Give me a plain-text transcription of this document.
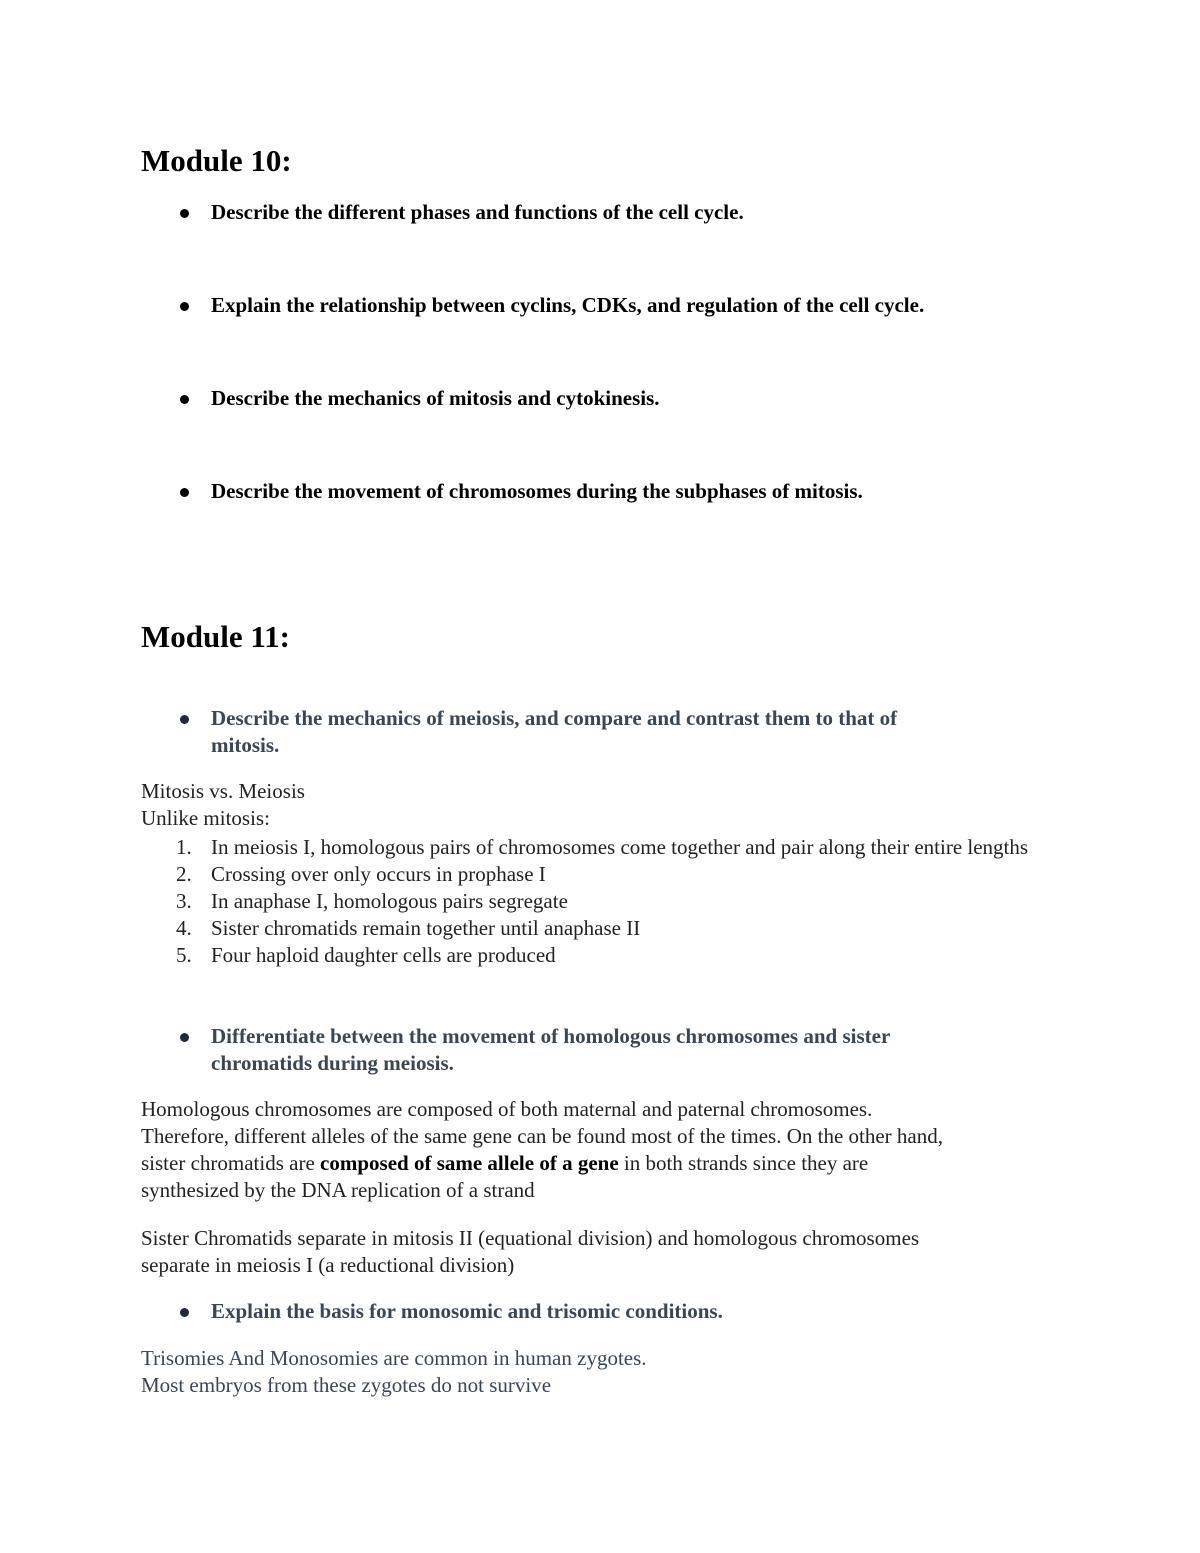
Module 10:
Describe the different phases and functions of the cell cycle.
Explain the relationship between cyclins, CDKs, and regulation of the cell cycle.
Describe the mechanics of mitosis and cytokinesis.
Describe the movement of chromosomes during the subphases of mitosis.
Module 11:
Describe the mechanics of meiosis, and compare and contrast them to that of
mitosis.
Mitosis vs. Meiosis
Unlike mitosis:
1. In meiosis I, homologous pairs of chromosomes come together and pair along their entire lengths
2. Crossing over only occurs in prophase I
3. In anaphase I, homologous pairs segregate
4. Sister chromatids remain together until anaphase II
5. Four haploid daughter cells are produced
Differentiate between the movement of homologous chromosomes and sister
chromatids during meiosis.
Homologous chromosomes are composed of both maternal and paternal chromosomes.
Therefore, different alleles of the same gene can be found most of the times. On the other hand,
sister chromatids are composed of same allele of a gene in both strands since they are
synthesized by the DNA replication of a strand
Sister Chromatids separate in mitosis II (equational division) and homologous chromosomes
separate in meiosis I (a reductional division)
Explain the basis for monosomic and trisomic conditions.
Trisomies And Monosomies are common in human zygotes.
Most embryos from these zygotes do not survive
